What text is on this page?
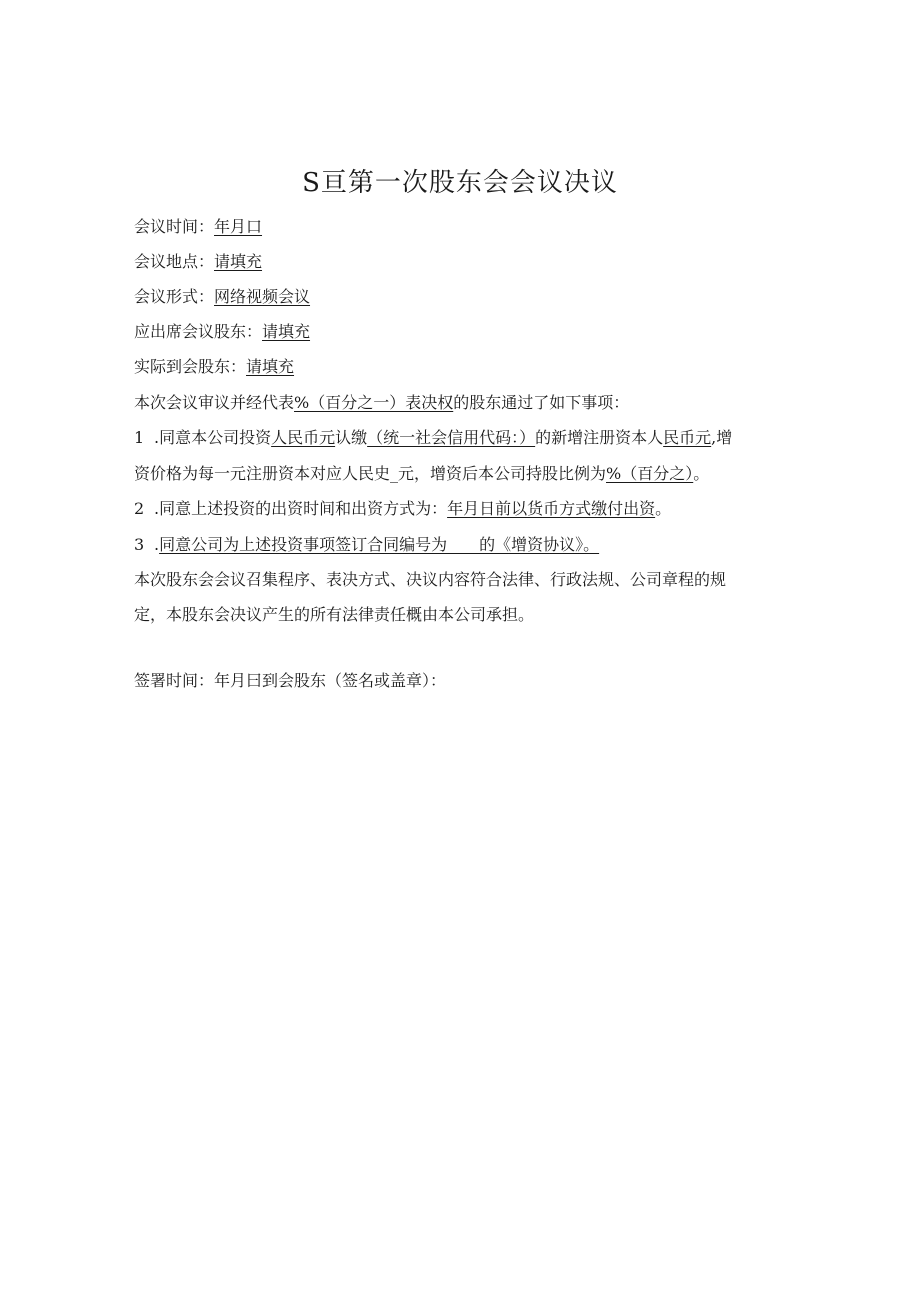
S亘第一次股东会会议决议
会议时间：年月口
会议地点：请填充
会议形式：网络视频会议
应出席会议股东：请填充
实际到会股东：请填充
本次会议审议并经代表%（百分之一）表决权的股东通过了如下事项：
1 .同意本公司投资人民币元认缴（统一社会信用代码：）的新增注册资本人民币元,增
资价格为每一元注册资本对应人民史_元，增资后本公司持股比例为%（百分之）。
2 .同意上述投资的出资时间和出资方式为：年月日前以货币方式缴付出资。
3 .同意公司为上述投资事项签订合同编号为　　的《增资协议》。
本次股东会会议召集程序、表决方式、决议内容符合法律、行政法规、公司章程的规
定，本股东会决议产生的所有法律责任概由本公司承担。
签署时间：年月曰到会股东（签名或盖章）：
